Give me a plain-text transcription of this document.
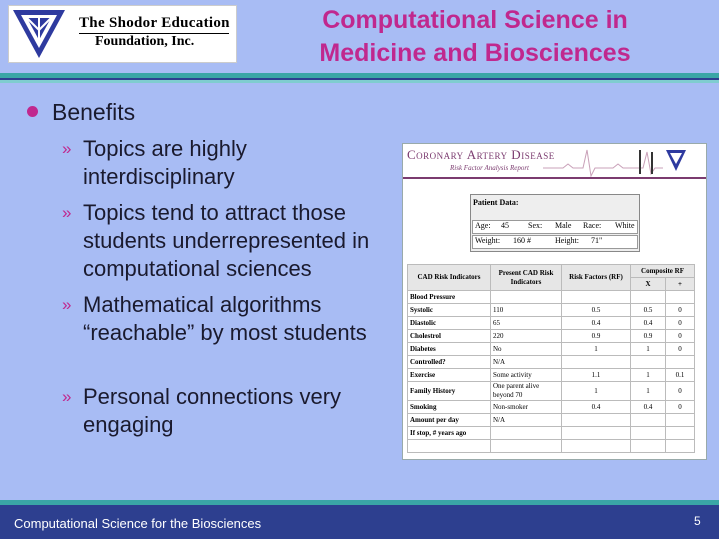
The Shodor Education
Foundation, Inc.
Computational Science in
Medicine and Biosciences
Benefits
» Topics are highly interdisciplinary
» Topics tend to attract those students underrepresented in computational sciences
» Mathematical algorithms “reachable” by most students
» Personal connections very engaging
Coronary Artery Disease
Risk Factor Analysis Report
Patient Data:
Age: 45 Sex: Male Race: White
Weight: 160 #	Height: 71"
CAD Risk Indicators	Present CAD Risk Indicators	Risk Factors (RF)	Composite RF	
			X	+
Blood Pressure				
Systolic	110	0.5	0.5	0
Diastolic	65	0.4	0.4	0
Cholestrol	220	0.9	0.9	0
Diabetes	No	1	1	0
Controlled?	N/A			
Exercise	Some activity	1.1	1	0.1
Family History	One parent alive beyond 70	1	1	0
Smoking	Non-smoker	0.4	0.4	0
Amount per day	N/A			
If stop, # years ago				

Computational Science for the Biosciences	5
